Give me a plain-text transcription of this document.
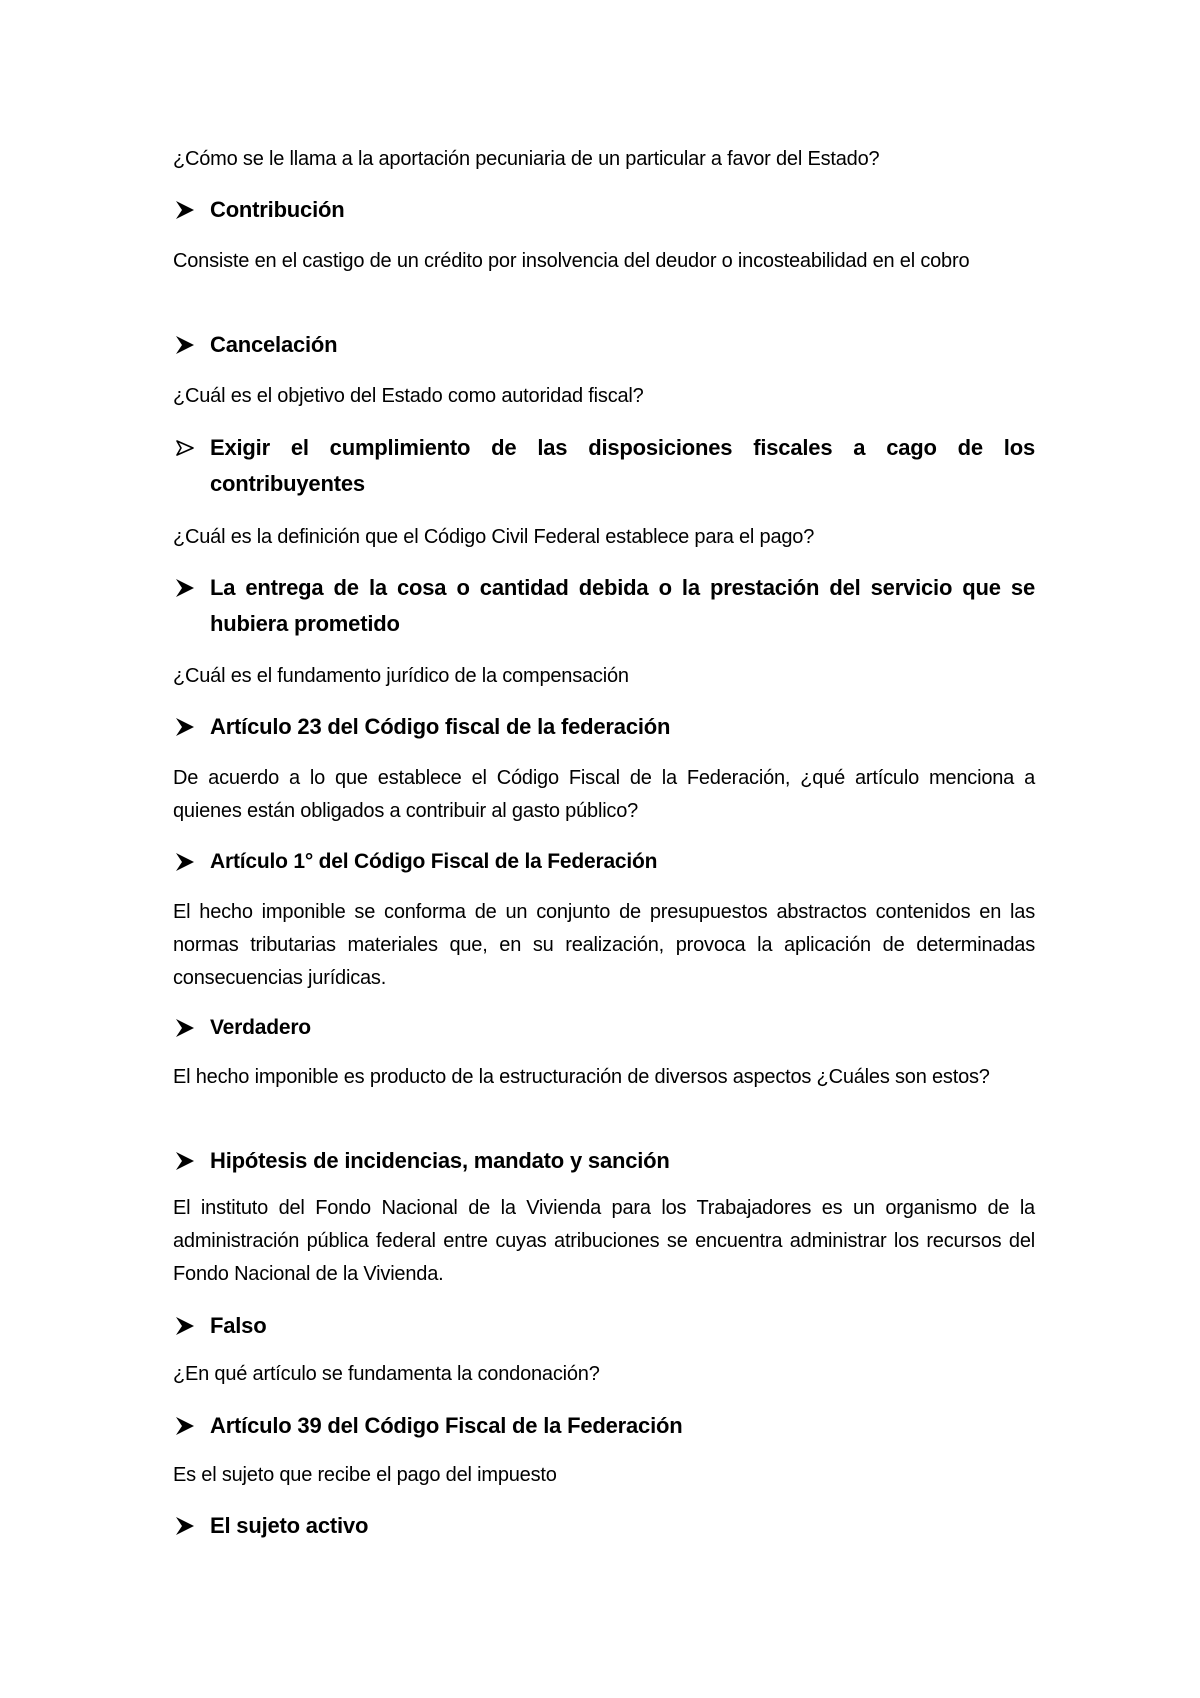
¿Cómo se le llama a la aportación pecuniaria de un particular a favor del Estado?
Contribución
Consiste en el castigo de un crédito por insolvencia del deudor o incosteabilidad en el cobro
Cancelación
¿Cuál es el objetivo del Estado como autoridad fiscal?
Exigir el cumplimiento de las disposiciones fiscales a cago de los contribuyentes
¿Cuál es la definición que el Código Civil Federal establece para el pago?
La entrega de la cosa o cantidad debida o la prestación del servicio que se hubiera prometido
¿Cuál es el fundamento jurídico de la compensación
Artículo 23 del Código fiscal de la federación
De acuerdo a lo que establece el Código Fiscal de la Federación, ¿qué artículo menciona a quienes están obligados a contribuir al gasto público?
Artículo 1° del Código Fiscal de la Federación
El hecho imponible se conforma de un conjunto de presupuestos abstractos contenidos en las normas tributarias materiales que, en su realización, provoca la aplicación de determinadas consecuencias jurídicas.
Verdadero
El hecho imponible es producto de la estructuración de diversos aspectos ¿Cuáles son estos?
Hipótesis de incidencias, mandato y sanción
El instituto del Fondo Nacional de la Vivienda para los Trabajadores es un organismo de la administración pública federal entre cuyas atribuciones se encuentra administrar los recursos del Fondo Nacional de la Vivienda.
Falso
¿En qué artículo se fundamenta la condonación?
Artículo 39 del Código Fiscal de la Federación
Es el sujeto que recibe el pago del impuesto
El sujeto activo
